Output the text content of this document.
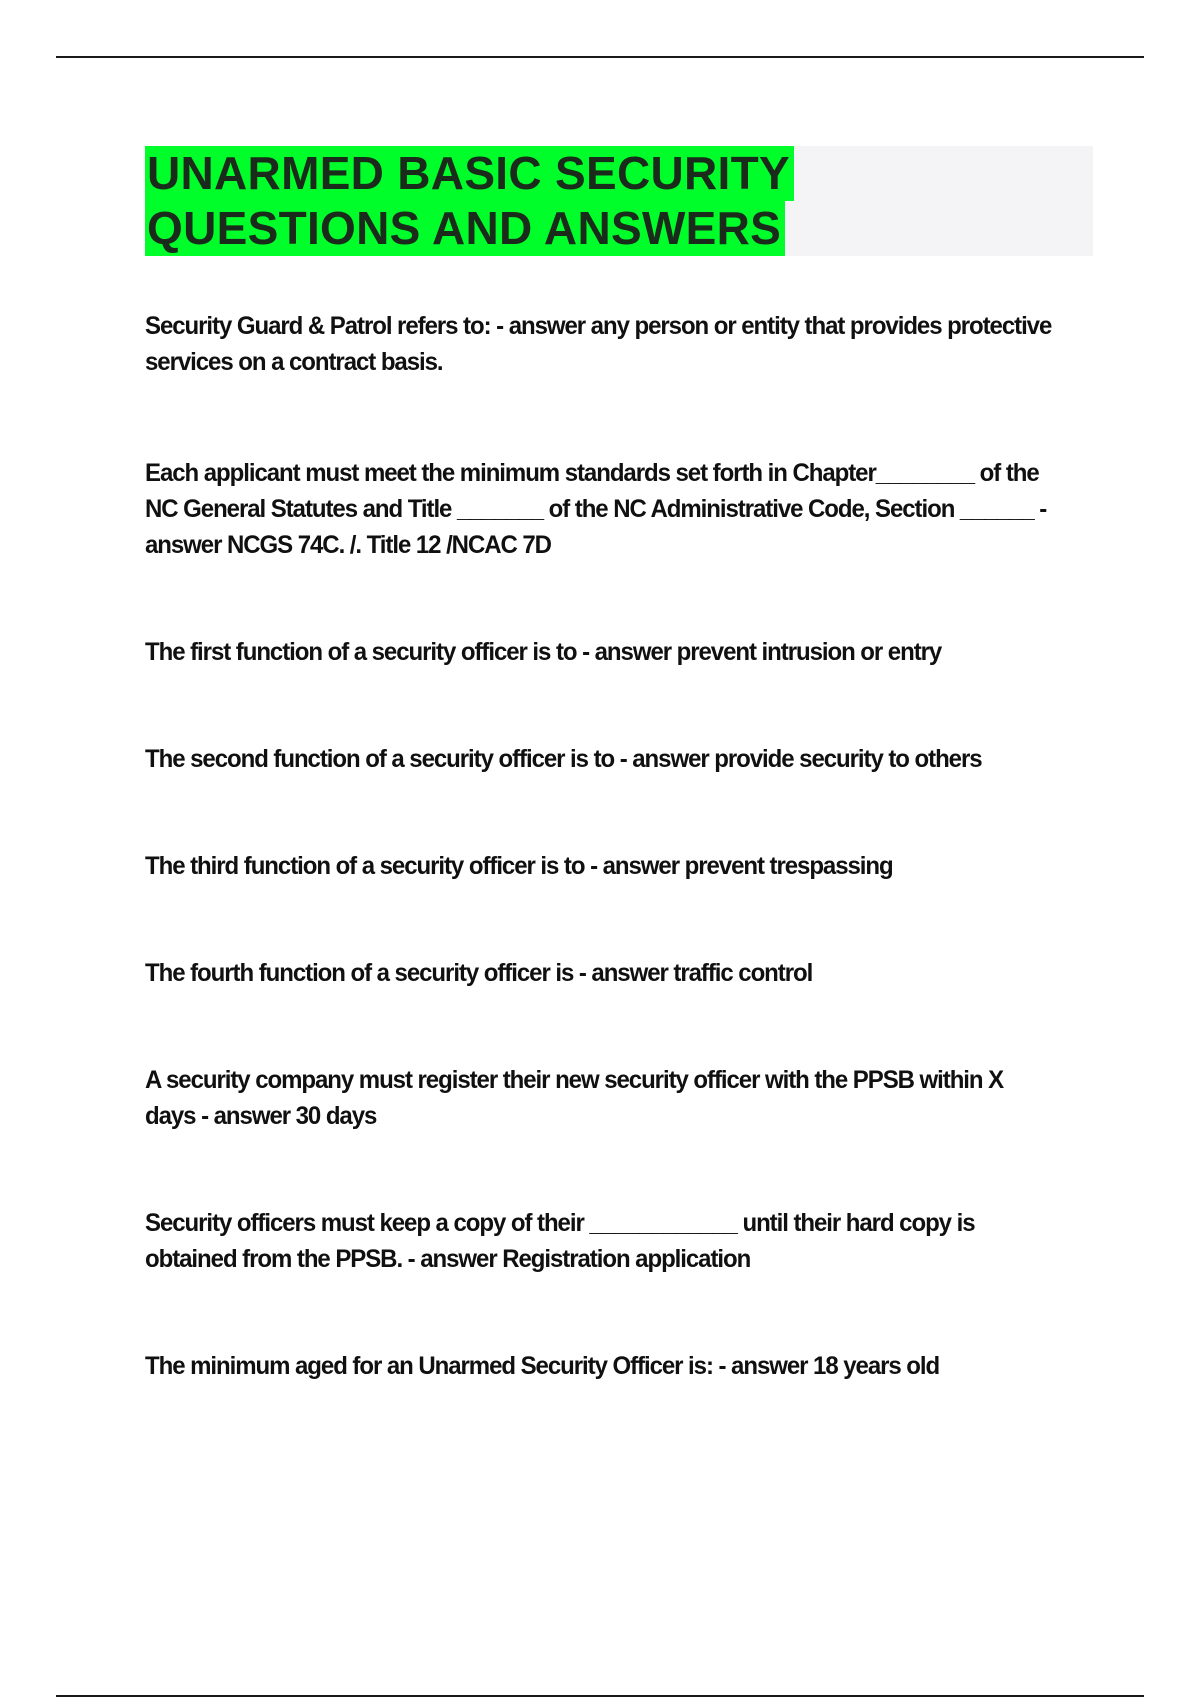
UNARMED BASIC SECURITY
QUESTIONS AND ANSWERS

Security Guard & Patrol refers to: - answer any person or entity that provides protective services on a contract basis.

Each applicant must meet the minimum standards set forth in Chapter________ of the NC General Statutes and Title _______ of the NC Administrative Code, Section ______ - answer NCGS 74C. /. Title 12 /NCAC 7D

The first function of a security officer is to - answer prevent intrusion or entry

The second function of a security officer is to - answer provide security to others

The third function of a security officer is to - answer prevent trespassing

The fourth function of a security officer is - answer traffic control

A security company must register their new security officer with the PPSB within X days - answer 30 days

Security officers must keep a copy of their ____________ until their hard copy is obtained from the PPSB. - answer Registration application

The minimum aged for an Unarmed Security Officer is: - answer 18 years old
